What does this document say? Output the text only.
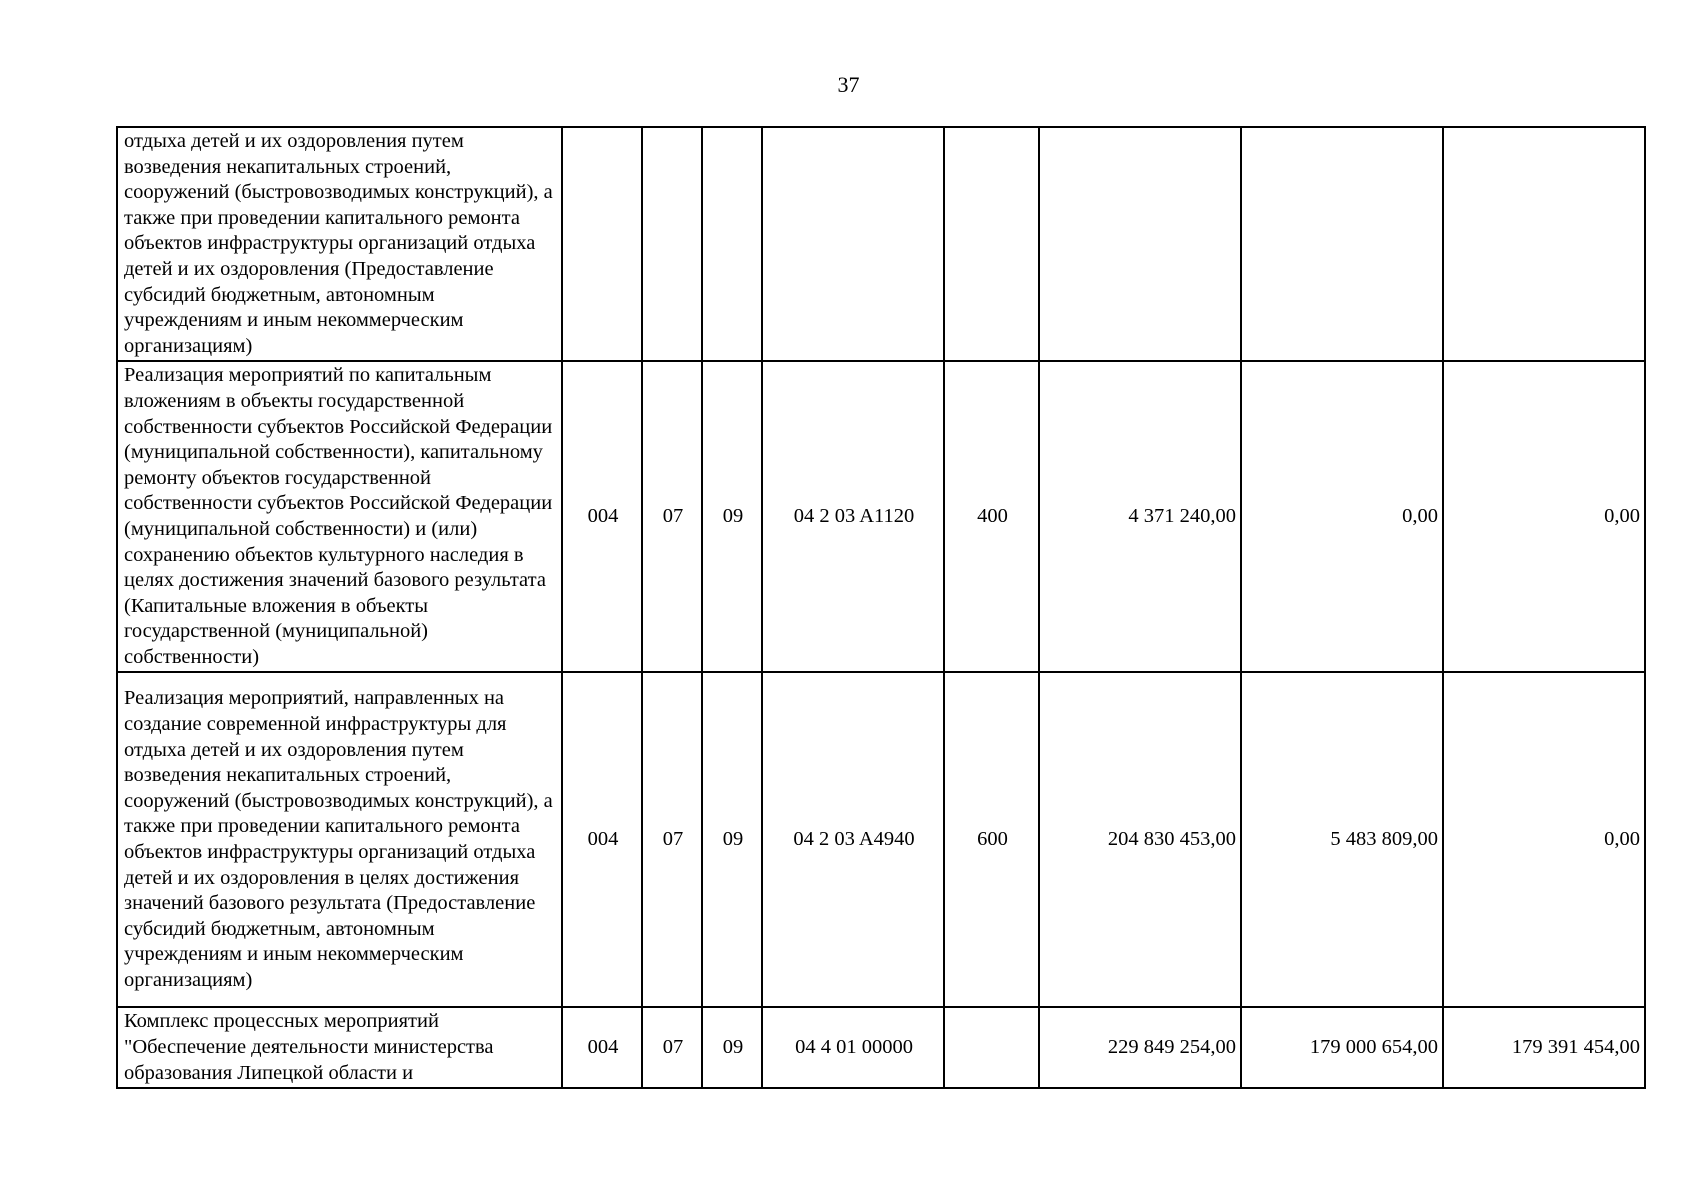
37
отдыха детей и их оздоровления путем возведения некапитальных строений, сооружений (быстровозводимых конструкций), а также при проведении капитального ремонта объектов инфраструктуры организаций отдыха детей и их оздоровления (Предоставление субсидий бюджетным, автономным учреждениям и иным некоммерческим организациям)								
Реализация мероприятий по капитальным вложениям в объекты государственной собственности субъектов Российской Федерации (муниципальной собственности), капитальному ремонту объектов государственной собственности субъектов Российской Федерации (муниципальной собственности) и (или) сохранению объектов культурного наследия в целях достижения значений базового результата (Капитальные вложения в объекты государственной (муниципальной) собственности)	004	07	09	04 2 03 A1120	400	4 371 240,00	0,00	0,00
Реализация мероприятий, направленных на создание современной инфраструктуры для отдыха детей и их оздоровления путем возведения некапитальных строений, сооружений (быстровозводимых конструкций), а также при проведении капитального ремонта объектов инфраструктуры организаций отдыха детей и их оздоровления в целях достижения значений базового результата (Предоставление субсидий бюджетным, автономным учреждениям и иным некоммерческим организациям)	004	07	09	04 2 03 A4940	600	204 830 453,00	5 483 809,00	0,00
Комплекс процессных мероприятий "Обеспечение деятельности министерства образования Липецкой области и	004	07	09	04 4 01 00000		229 849 254,00	179 000 654,00	179 391 454,00
